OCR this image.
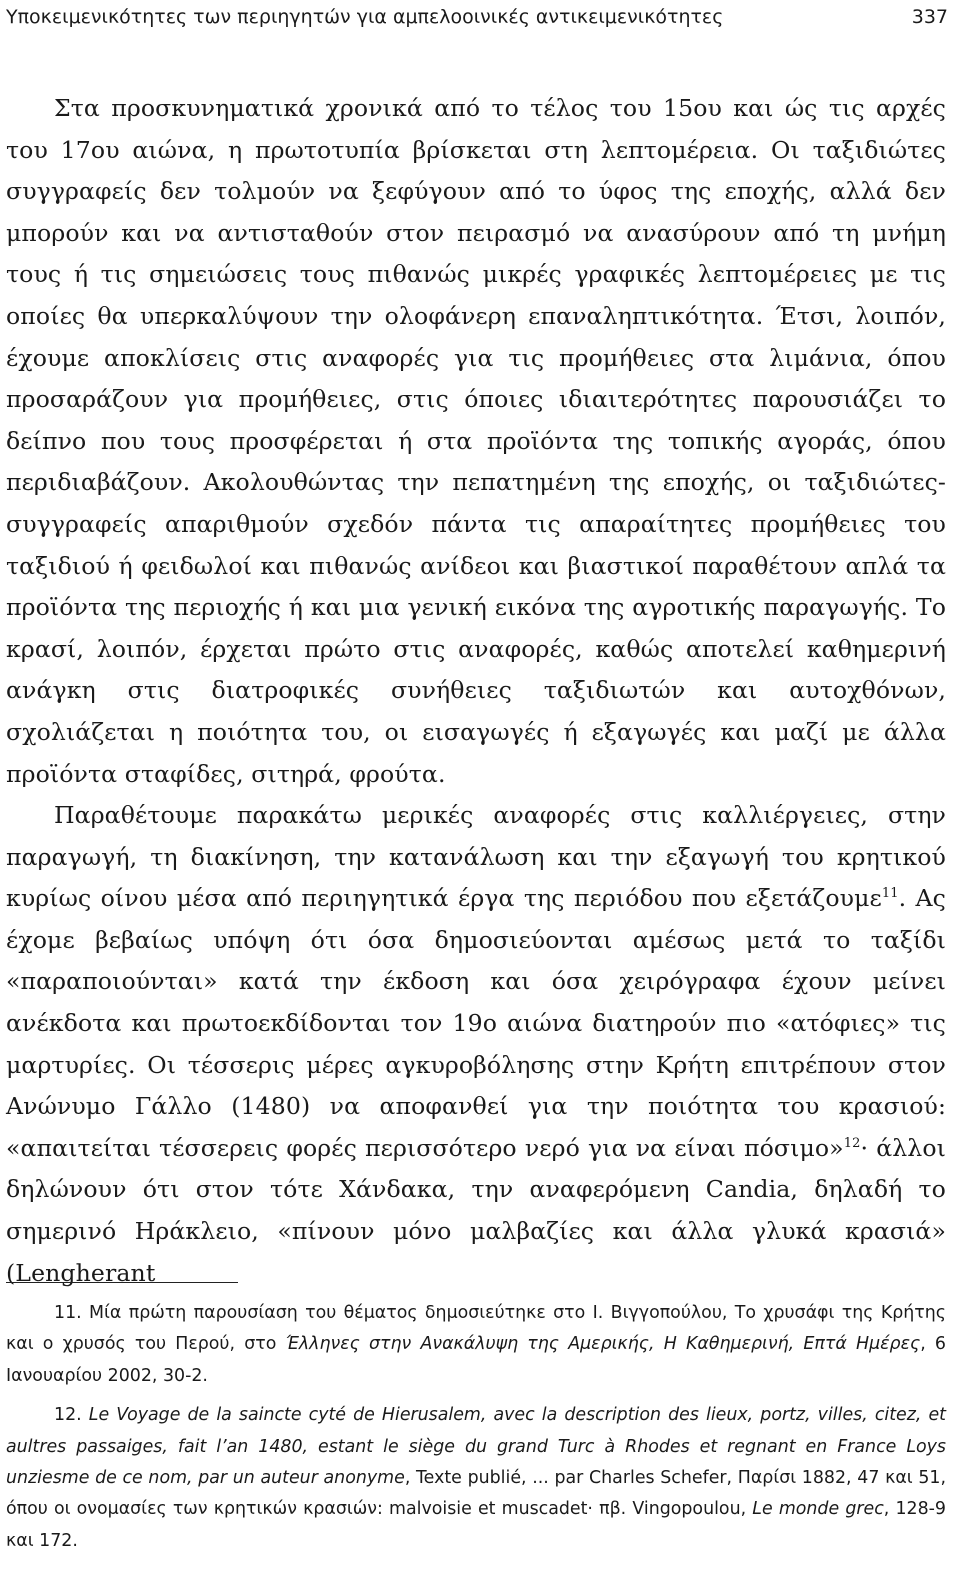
Υποκειμενικότητες των περιηγητών για αμπελοοινικές αντικειμενικότητες	337

Στα προσκυνηματικά χρονικά από το τέλος του 15ου και ώς τις αρχές του 17ου αιώνα, η πρωτοτυπία βρίσκεται στη λεπτομέρεια. Οι ταξιδιώτες συγγραφείς δεν τολμούν να ξεφύγουν από το ύφος της εποχής, αλλά δεν μπορούν και να αντισταθούν στον πειρασμό να ανασύρουν από τη μνήμη τους ή τις σημειώσεις τους πιθανώς μικρές γραφικές λεπτομέρειες με τις οποίες θα υπερκαλύψουν την ολοφάνερη επαναληπτικότητα. Έτσι, λοιπόν, έχουμε αποκλίσεις στις αναφορές για τις προμήθειες στα λιμάνια, όπου προσαράζουν για προμήθειες, στις όποιες ιδιαιτερότητες παρουσιάζει το δείπνο που τους προσφέρεται ή στα προϊόντα της τοπικής αγοράς, όπου περιδιαβάζουν. Ακολουθώντας την πεπατημένη της εποχής, οι ταξιδιώτες-συγγραφείς απαριθμούν σχεδόν πάντα τις απαραίτητες προμήθειες του ταξιδιού ή φειδωλοί και πιθανώς ανίδεοι και βιαστικοί παραθέτουν απλά τα προϊόντα της περιοχής ή και μια γενική εικόνα της αγροτικής παραγωγής. Το κρασί, λοιπόν, έρχεται πρώτο στις αναφορές, καθώς αποτελεί καθημερινή ανάγκη στις διατροφικές συνήθειες ταξιδιωτών και αυτοχθόνων, σχολιάζεται η ποιότητα του, οι εισαγωγές ή εξαγωγές και μαζί με άλλα προϊόντα σταφίδες, σιτηρά, φρούτα.

Παραθέτουμε παρακάτω μερικές αναφορές στις καλλιέργειες, στην παραγωγή, τη διακίνηση, την κατανάλωση και την εξαγωγή του κρητικού κυρίως οίνου μέσα από περιηγητικά έργα της περιόδου που εξετάζουμε$^{11}$. Ας έχομε βεβαίως υπόψη ότι όσα δημοσιεύονται αμέσως μετά το ταξίδι «παραποιούνται» κατά την έκδοση και όσα χειρόγραφα έχουν μείνει ανέκδοτα και πρωτοεκδίδονται τον 19ο αιώνα διατηρούν πιο «ατόφιες» τις μαρτυρίες. Οι τέσσερις μέρες αγκυροβόλησης στην Κρήτη επιτρέπουν στον Ανώνυμο Γάλλο (1480) να αποφανθεί για την ποιότητα του κρασιού: «απαιτείται τέσσερεις φορές περισσότερο νερό για να είναι πόσιμο»$^{12}$· άλλοι δηλώνουν ότι στον τότε Χάνδακα, την αναφερόμενη Candia, δηλαδή το σημερινό Ηράκλειο, «πίνουν μόνο μαλβαζίες και άλλα γλυκά κρασιά» (Lengherant

11. Μία πρώτη παρουσίαση του θέματος δημοσιεύτηκε στο Ι. Βιγγοπούλου, Το χρυσάφι της Κρήτης και ο χρυσός του Περού, στο Έλληνες στην Ανακάλυψη της Αμερικής, Η Καθημερινή, Επτά Ημέρες, 6 Ιανουαρίου 2002, 30-2.

12. Le Voyage de la saincte cyté de Hierusalem, avec la description des lieux, portz, villes, citez, et aultres passaiges, fait l’an 1480, estant le siège du grand Turc à Rhodes et regnant en France Loys unziesme de ce nom, par un auteur anonyme, Texte publié, ... par Charles Schefer, Παρίσι 1882, 47 και 51, όπου οι ονομασίες των κρητικών κρασιών: malvoisie et muscadet· πβ. Vingopoulou, Le monde grec, 128-9 και 172.
